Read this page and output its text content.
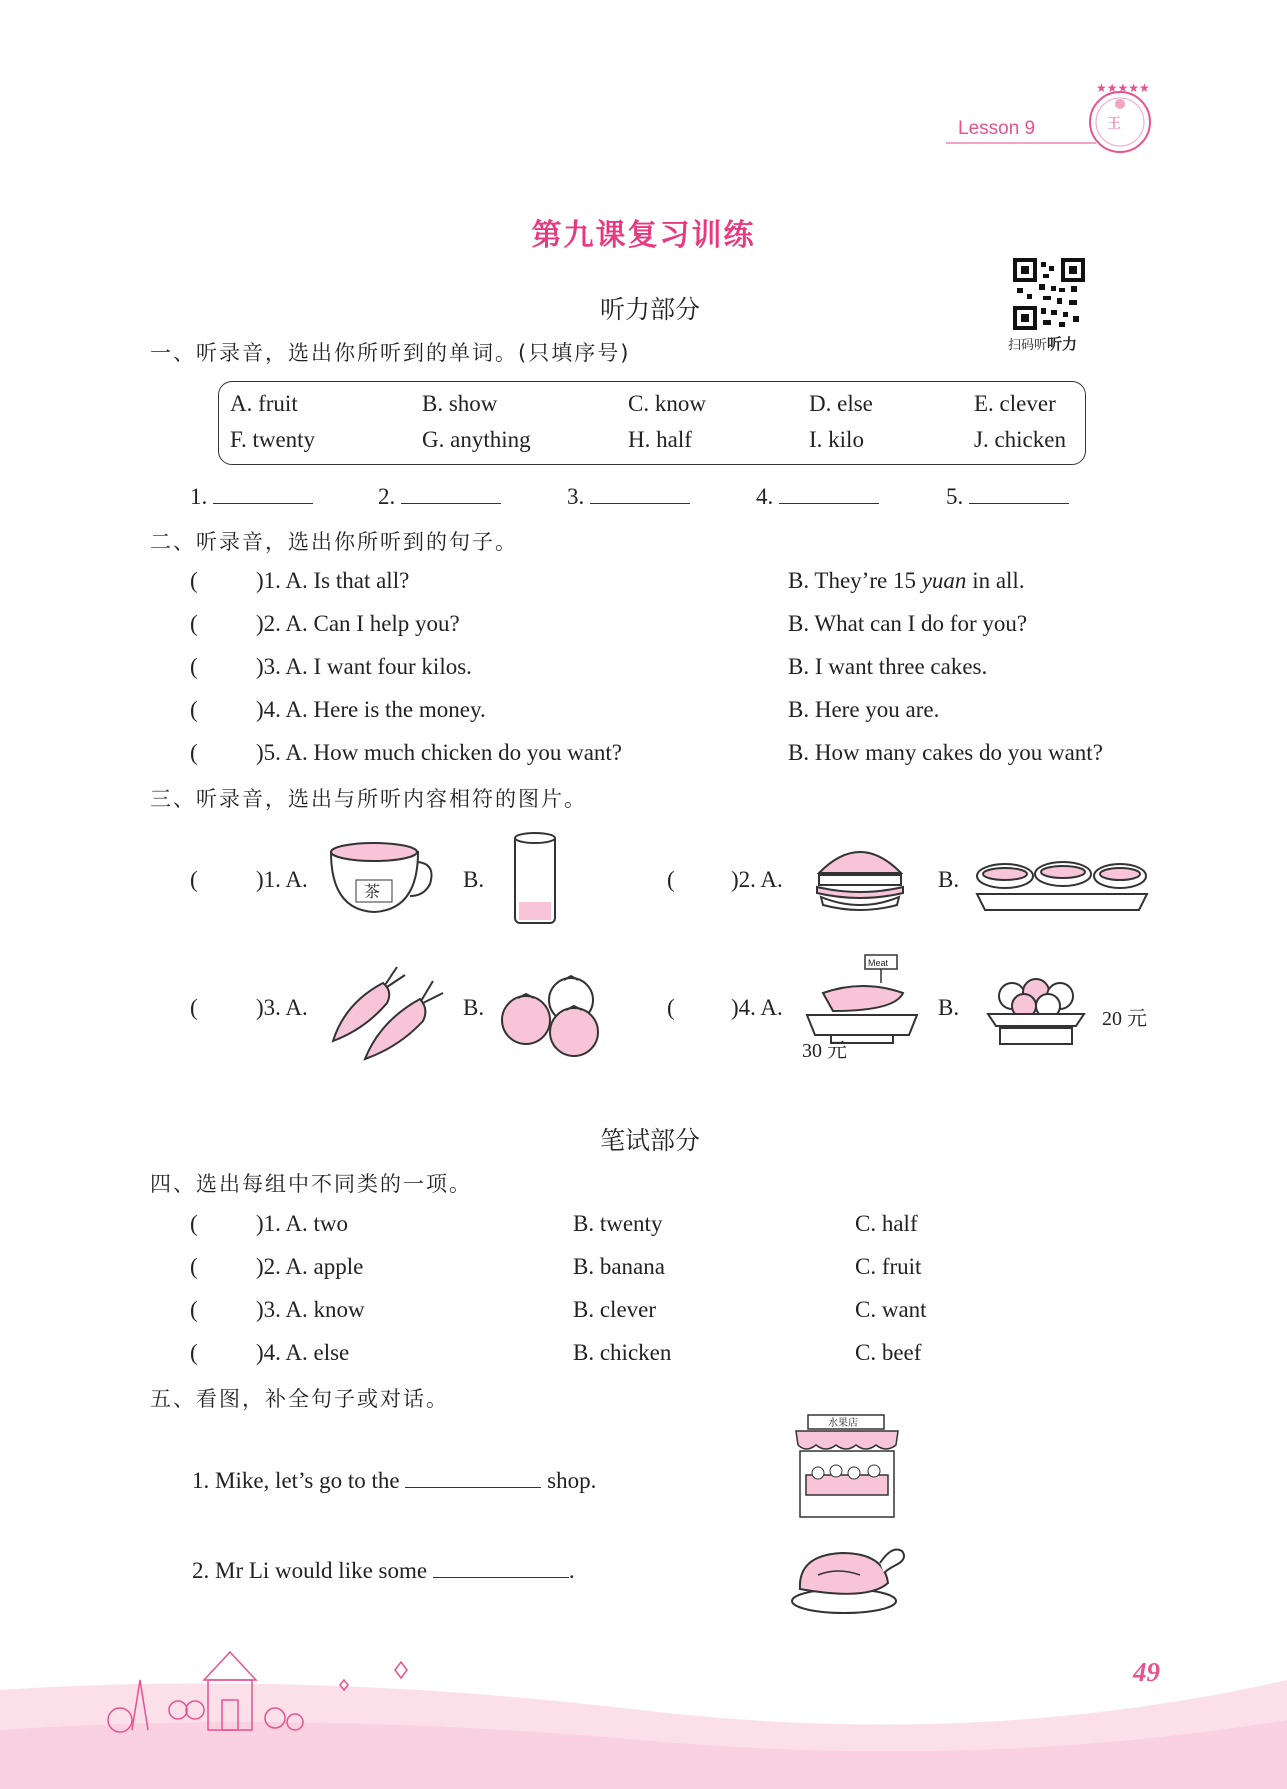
Lesson 9
★★★★★
王
第九课复习训练
扫码听听力
听力部分
一、听录音，选出你所听到的单词。(只填序号)
A. fruit	B. show	C. know	D. else	E. clever
F. twenty	G. anything	H. half	I. kilo	J. chicken
1.	2.	3.	4.	5.
二、听录音，选出你所听到的句子。
(	)1. A. Is that all?	B. They’re 15 yuan in all.
(	)2. A. Can I help you?	B. What can I do for you?
(	)3. A. I want four kilos.	B. I want three cakes.
(	)4. A. Here is the money.	B. Here you are.
(	)5. A. How much chicken do you want?	B. How many cakes do you want?
三、听录音，选出与所听内容相符的图片。
(	)1. A.	茶	B.	( )2. A.	B.
(	)3. A.	B.	( )4. A.
Meat
30 元
B.	20 元
笔试部分
四、选出每组中不同类的一项。
(	)1. A. two	B. twenty	C. half
(	)2. A. apple	B. banana	C. fruit
(	)3. A. know	B. clever	C. want
(	)4. A. else	B. chicken	C. beef
五、看图，补全句子或对话。
1. Mike, let’s go to the	shop.
水果店
2. Mr Li would like some	.
49
